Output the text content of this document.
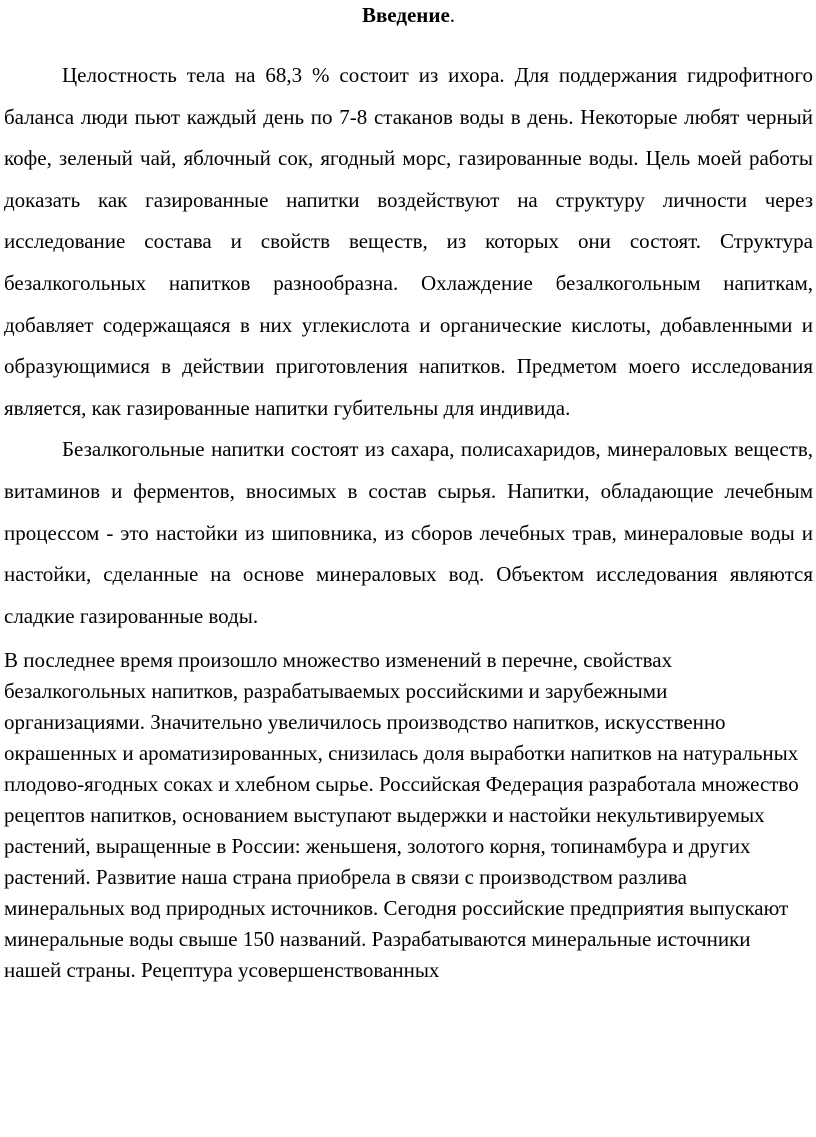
Введение.

Целостность тела на 68,3 % состоит из ихора. Для поддержания гидрофитного баланса люди пьют каждый день по 7-8 стаканов воды в день. Некоторые любят черный кофе, зеленый чай, яблочный сок, ягодный морс, газированные воды. Цель моей работы доказать как газированные напитки воздействуют на структуру личности через исследование состава и свойств веществ, из которых они состоят. Структура безалкогольных напитков разнообразна. Охлаждение безалкогольным напиткам, добавляет содержащаяся в них углекислота и органические кислоты, добавленными и образующимися в действии приготовления напитков. Предметом моего исследования является, как газированные напитки губительны для индивида.

Безалкогольные напитки состоят из сахара, полисахаридов, минераловых веществ, витаминов и ферментов, вносимых в состав сырья. Напитки, обладающие лечебным процессом - это настойки из шиповника, из сборов лечебных трав, минераловые воды и настойки, сделанные на основе минераловых вод. Объектом исследования являются сладкие газированные воды.

В последнее время произошло множество изменений в перечне, свойствах безалкогольных напитков, разрабатываемых российскими и зарубежными организациями. Значительно увеличилось производство напитков, искусственно окрашенных и ароматизированных, снизилась доля выработки напитков на натуральных плодово-ягодных соках и хлебном сырье. Российская Федерация разработала множество рецептов напитков, основанием выступают выдержки и настойки некультивируемых растений, выращенные в России: женьшеня, золотого корня, топинамбура и других растений. Развитие наша страна приобрела в связи с производством разлива минеральных вод природных источников. Сегодня российские предприятия выпускают минеральные воды свыше 150 названий. Разрабатываются минеральные источники нашей страны. Рецептура усовершенствованных
